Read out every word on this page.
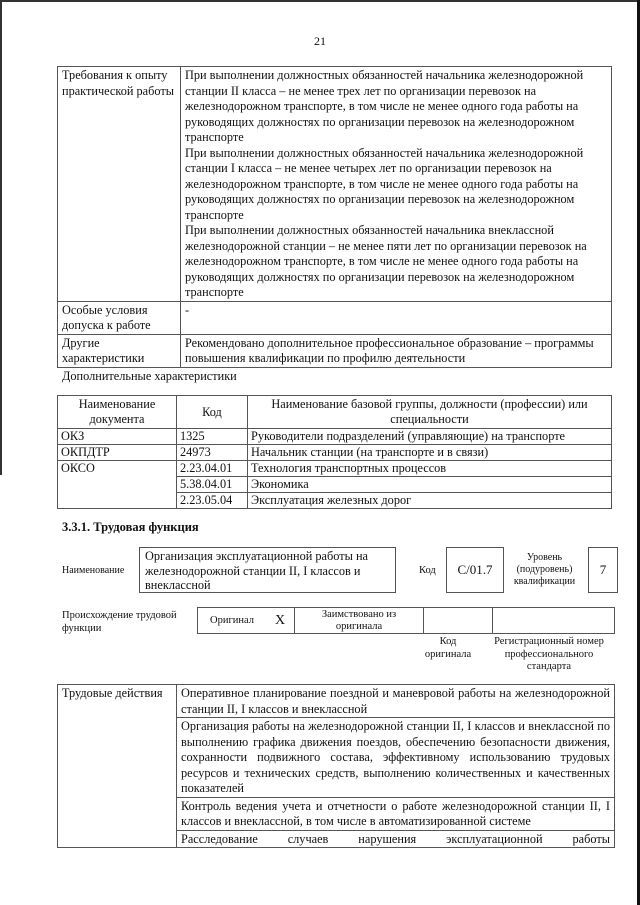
21
Требования к опыту практической работы	При выполнении должностных обязанностей начальника железнодорожной станции II класса – не менее трех лет по организации перевозок на железнодорожном транспорте, в том числе не менее одного года работы на руководящих должностях по организации перевозок на железнодорожном транспорте
При выполнении должностных обязанностей начальника железнодорожной станции I класса – не менее четырех лет по организации перевозок на железнодорожном транспорте, в том числе не менее одного года работы на руководящих должностях по организации перевозок на железнодорожном транспорте
При выполнении должностных обязанностей начальника внеклассной железнодорожной станции – не менее пяти лет по организации перевозок на железнодорожном транспорте, в том числе не менее одного года работы на руководящих должностях по организации перевозок на железнодорожном транспорте

Особые условия допуска к работе	-
Другие характеристики	Рекомендовано дополнительное профессиональное образование – программы повышения квалификации по профилю деятельности
Дополнительные характеристики
Наименование документа	Код	Наименование базовой группы, должности (профессии) или специальности
ОКЗ	1325	Руководители подразделений (управляющие) на транспорте
ОКПДТР	24973	Начальник станции (на транспорте и в связи)
ОКСО	2.23.04.01	Технология транспортных процессов
	5.38.04.01	Экономика
	2.23.05.04	Эксплуатация железных дорог
3.3.1. Трудовая функция
Наименование
Организация эксплуатационной работы на железнодорожной станции II, I классов и внеклассной
Код	C/01.7
Уровень (подуровень) квалификации
7
Происхождение трудовой функции
Оригинал	X	Заимствовано из оригинала		
Код оригинала
Регистрационный номер профессионального стандарта
Трудовые действия	Оперативное планирование поездной и маневровой работы на железнодорожной станции II, I классов и внеклассной
Организация работы на железнодорожной станции II, I классов и внеклассной по выполнению графика движения поездов, обеспечению безопасности движения, сохранности подвижного состава, эффективному использованию трудовых ресурсов и технических средств, выполнению количественных и качественных показателей
Контроль ведения учета и отчетности о работе железнодорожной станции II, I классов и внеклассной, в том числе в автоматизированной системе
Расследование случаев нарушения эксплуатационной работы
